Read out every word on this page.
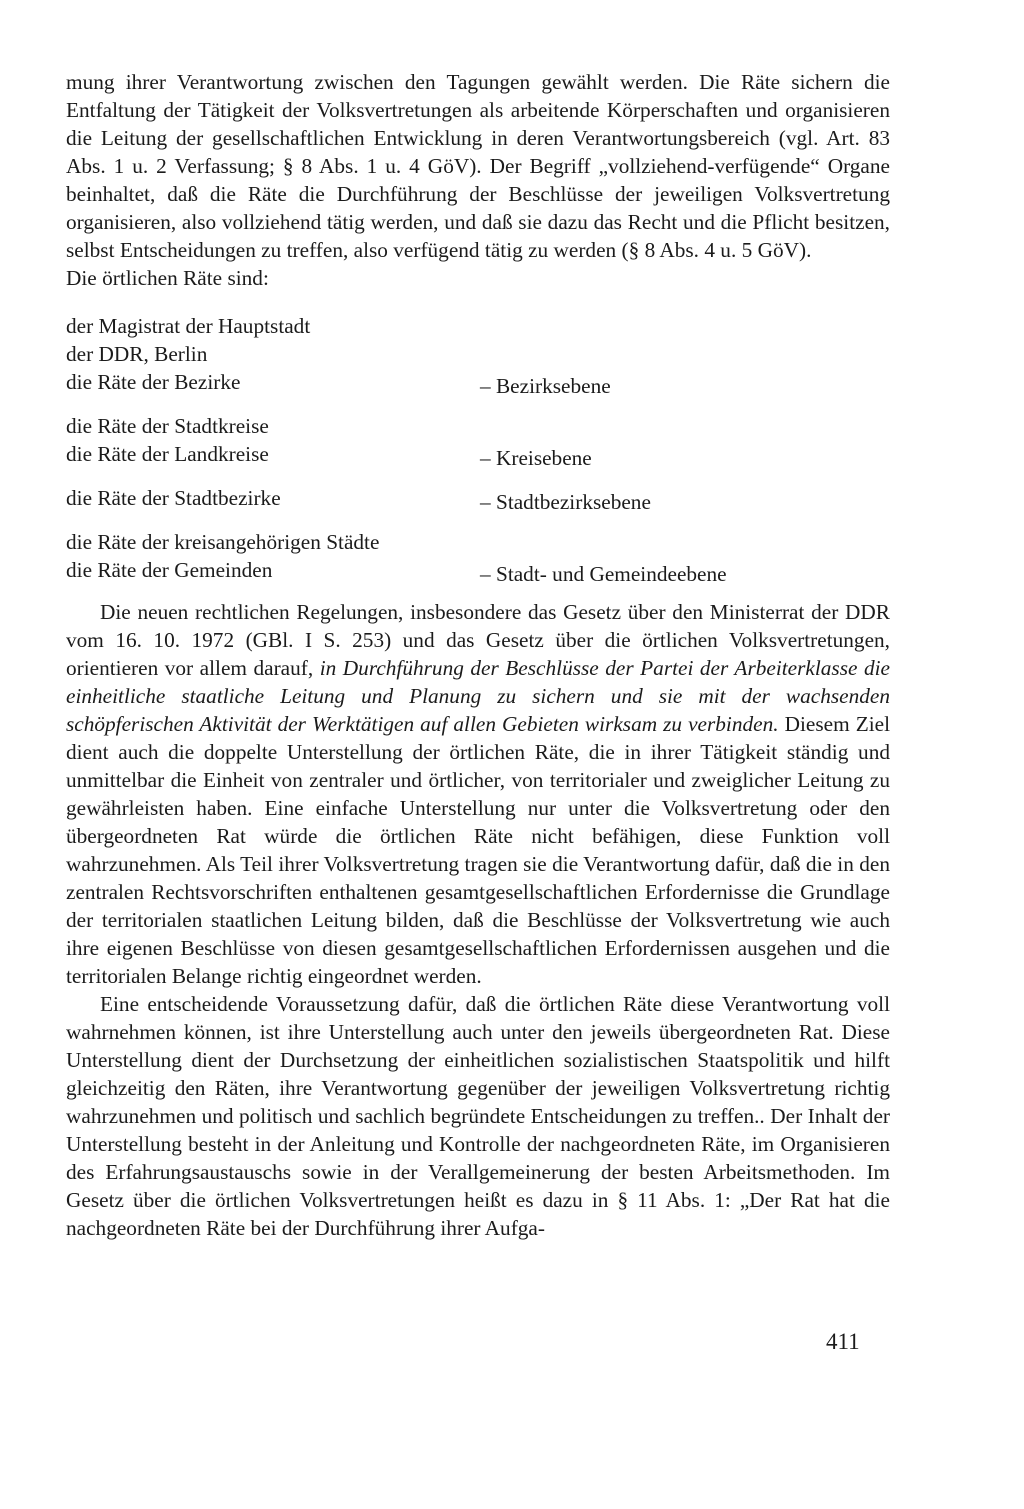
mung ihrer Verantwortung zwischen den Tagungen gewählt werden. Die Räte sichern die Entfaltung der Tätigkeit der Volksvertretungen als arbeitende Körperschaften und organisieren die Leitung der gesellschaftlichen Entwicklung in deren Verantwortungsbereich (vgl. Art. 83 Abs. 1 u. 2 Verfassung; § 8 Abs. 1 u. 4 GöV). Der Begriff „vollziehend-verfügende“ Organe beinhaltet, daß die Räte die Durchführung der Beschlüsse der jeweiligen Volksvertretung organisieren, also vollziehend tätig werden, und daß sie dazu das Recht und die Pflicht besitzen, selbst Entscheidungen zu treffen, also verfügend tätig zu werden (§ 8 Abs. 4 u. 5 GöV).

Die örtlichen Räte sind:

der Magistrat der Hauptstadt
der DDR, Berlin
die Räte der Bezirke	– Bezirksebene
die Räte der Stadtkreise
die Räte der Landkreise	– Kreisebene
die Räte der Stadtbezirke	– Stadtbezirksebene
die Räte der kreisangehörigen Städte
die Räte der Gemeinden	– Stadt- und Gemeindeebene

Die neuen rechtlichen Regelungen, insbesondere das Gesetz über den Ministerrat der DDR vom 16. 10. 1972 (GBl. I S. 253) und das Gesetz über die örtlichen Volksvertretungen, orientieren vor allem darauf, in Durchführung der Beschlüsse der Partei der Arbeiterklasse die einheitliche staatliche Leitung und Planung zu sichern und sie mit der wachsenden schöpferischen Aktivität der Werktätigen auf allen Gebieten wirksam zu verbinden. Diesem Ziel dient auch die doppelte Unterstellung der örtlichen Räte, die in ihrer Tätigkeit ständig und unmittelbar die Einheit von zentraler und örtlicher, von territorialer und zweiglicher Leitung zu gewährleisten haben. Eine einfache Unterstellung nur unter die Volksvertretung oder den übergeordneten Rat würde die örtlichen Räte nicht befähigen, diese Funktion voll wahrzunehmen. Als Teil ihrer Volksvertretung tragen sie die Verantwortung dafür, daß die in den zentralen Rechtsvorschriften enthaltenen gesamtgesellschaftlichen Erfordernisse die Grundlage der territorialen staatlichen Leitung bilden, daß die Beschlüsse der Volksvertretung wie auch ihre eigenen Beschlüsse von diesen gesamtgesellschaftlichen Erfordernissen ausgehen und die territorialen Belange richtig eingeordnet werden.

Eine entscheidende Voraussetzung dafür, daß die örtlichen Räte diese Verantwortung voll wahrnehmen können, ist ihre Unterstellung auch unter den jeweils übergeordneten Rat. Diese Unterstellung dient der Durchsetzung der einheitlichen sozialistischen Staatspolitik und hilft gleichzeitig den Räten, ihre Verantwortung gegenüber der jeweiligen Volksvertretung richtig wahrzunehmen und politisch und sachlich begründete Entscheidungen zu treffen.. Der Inhalt der Unterstellung besteht in der Anleitung und Kontrolle der nachgeordneten Räte, im Organisieren des Erfahrungsaustauschs sowie in der Verallgemeinerung der besten Arbeitsmethoden. Im Gesetz über die örtlichen Volksvertretungen heißt es dazu in § 11 Abs. 1: „Der Rat hat die nachgeordneten Räte bei der Durchführung ihrer Aufga-

411
